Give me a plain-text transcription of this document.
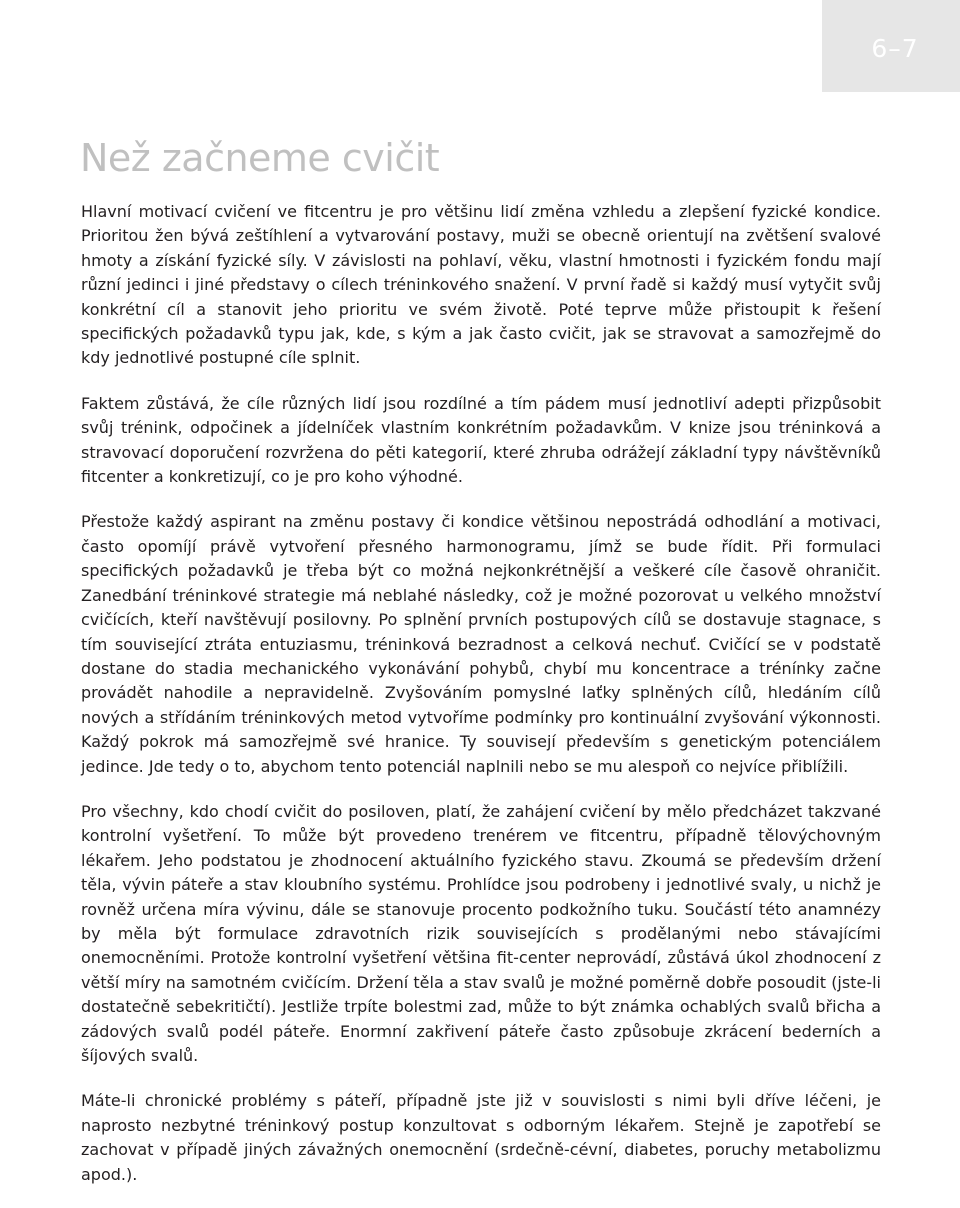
6–7
Než začneme cvičit

Hlavní motivací cvičení ve fitcentru je pro většinu lidí změna vzhledu a zlepšení fyzické kondice. Prioritou žen bývá zeštíhlení a vytvarování postavy, muži se obecně orientují na zvětšení svalové hmoty a získání fyzické síly. V závislosti na pohlaví, věku, vlastní hmotnosti i fyzickém fondu mají různí jedinci i jiné představy o cílech tréninkového snažení. V první řadě si každý musí vytyčit svůj konkrétní cíl a stanovit jeho prioritu ve svém životě. Poté teprve může přistoupit k řešení specifických požadavků typu jak, kde, s kým a jak často cvičit, jak se stravovat a samozřejmě do kdy jednotlivé postupné cíle splnit.

Faktem zůstává, že cíle různých lidí jsou rozdílné a tím pádem musí jednotliví adepti přizpůsobit svůj trénink, odpočinek a jídelníček vlastním konkrétním požadavkům. V knize jsou tréninková a stravovací doporučení rozvržena do pěti kategorií, které zhruba odrážejí základní typy návštěvníků fitcenter a konkretizují, co je pro koho výhodné.

Přestože každý aspirant na změnu postavy či kondice většinou nepostrádá odhodlání a motivaci, často opomíjí právě vytvoření přesného harmonogramu, jímž se bude řídit. Při formulaci specifických požadavků je třeba být co možná nejkonkrétnější a veškeré cíle časově ohraničit. Zanedbání tréninkové strategie má neblahé následky, což je možné pozorovat u velkého množství cvičících, kteří navštěvují posilovny. Po splnění prvních postupových cílů se dostavuje stagnace, s tím související ztráta entuziasmu, tréninková bezradnost a celková nechuť. Cvičící se v podstatě dostane do stadia mechanického vykonávání pohybů, chybí mu koncentrace a trénínky začne provádět nahodile a nepravidelně. Zvyšováním pomyslné laťky splněných cílů, hledáním cílů nových a střídáním tréninkových metod vytvoříme podmínky pro kontinuální zvyšování výkonnosti. Každý pokrok má samozřejmě své hranice. Ty souvisejí především s genetickým potenciálem jedince. Jde tedy o to, abychom tento potenciál naplnili nebo se mu alespoň co nejvíce přiblížili.

Pro všechny, kdo chodí cvičit do posiloven, platí, že zahájení cvičení by mělo předcházet takzvané kontrolní vyšetření. To může být provedeno trenérem ve fitcentru, případně tělovýchovným lékařem. Jeho podstatou je zhodnocení aktuálního fyzického stavu. Zkoumá se především držení těla, vývin páteře a stav kloubního systému. Prohlídce jsou podrobeny i jednotlivé svaly, u nichž je rovněž určena míra vývinu, dále se stanovuje procento podkožního tuku. Součástí této anamnézy by měla být formulace zdravotních rizik souvisejících s prodělanými nebo stávajícími onemocněními. Protože kontrolní vyšetření většina fit-center neprovádí, zůstává úkol zhodnocení z větší míry na samotném cvičícím. Držení těla a stav svalů je možné poměrně dobře posoudit (jste-li dostatečně sebekritičtí). Jestliže trpíte bolestmi zad, může to být známka ochablých svalů břicha a zádových svalů podél páteře. Enormní zakřivení páteře často způsobuje zkrácení bederních a šíjových svalů.

Máte-li chronické problémy s páteří, případně jste již v souvislosti s nimi byli dříve léčeni, je naprosto nezbytné tréninkový postup konzultovat s odborným lékařem. Stejně je zapotřebí se zachovat v případě jiných závažných onemocnění (srdečně-cévní, diabetes, poruchy metabolizmu apod.).
